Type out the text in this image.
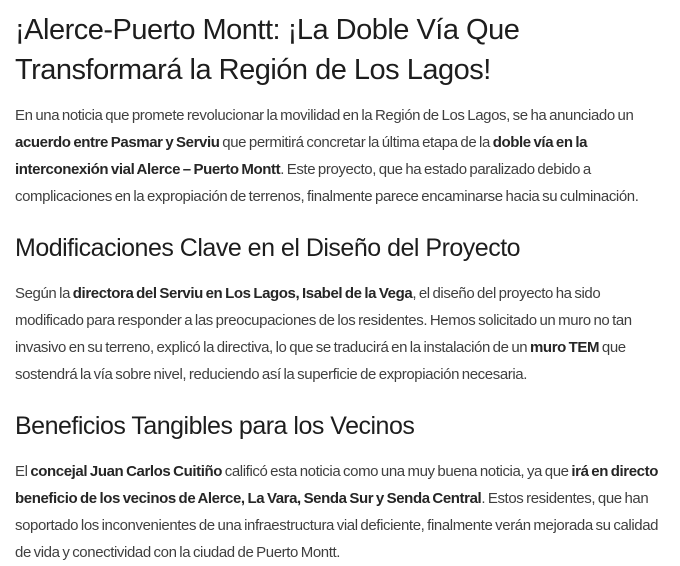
¡Alerce-Puerto Montt: ¡La Doble Vía Que Transformará la Región de Los Lagos!

En una noticia que promete revolucionar la movilidad en la Región de Los Lagos, se ha anunciado un acuerdo entre Pasmar y Serviu que permitirá concretar la última etapa de la doble vía en la interconexión vial Alerce – Puerto Montt. Este proyecto, que ha estado paralizado debido a complicaciones en la expropiación de terrenos, finalmente parece encaminarse hacia su culminación.

Modificaciones Clave en el Diseño del Proyecto

Según la directora del Serviu en Los Lagos, Isabel de la Vega, el diseño del proyecto ha sido modificado para responder a las preocupaciones de los residentes. Hemos solicitado un muro no tan invasivo en su terreno, explicó la directiva, lo que se traducirá en la instalación de un muro TEM que sostendrá la vía sobre nivel, reduciendo así la superficie de expropiación necesaria.

Beneficios Tangibles para los Vecinos

El concejal Juan Carlos Cuitiño calificó esta noticia como una muy buena noticia, ya que irá en directo beneficio de los vecinos de Alerce, La Vara, Senda Sur y Senda Central. Estos residentes, que han soportado los inconvenientes de una infraestructura vial deficiente, finalmente verán mejorada su calidad de vida y conectividad con la ciudad de Puerto Montt.
